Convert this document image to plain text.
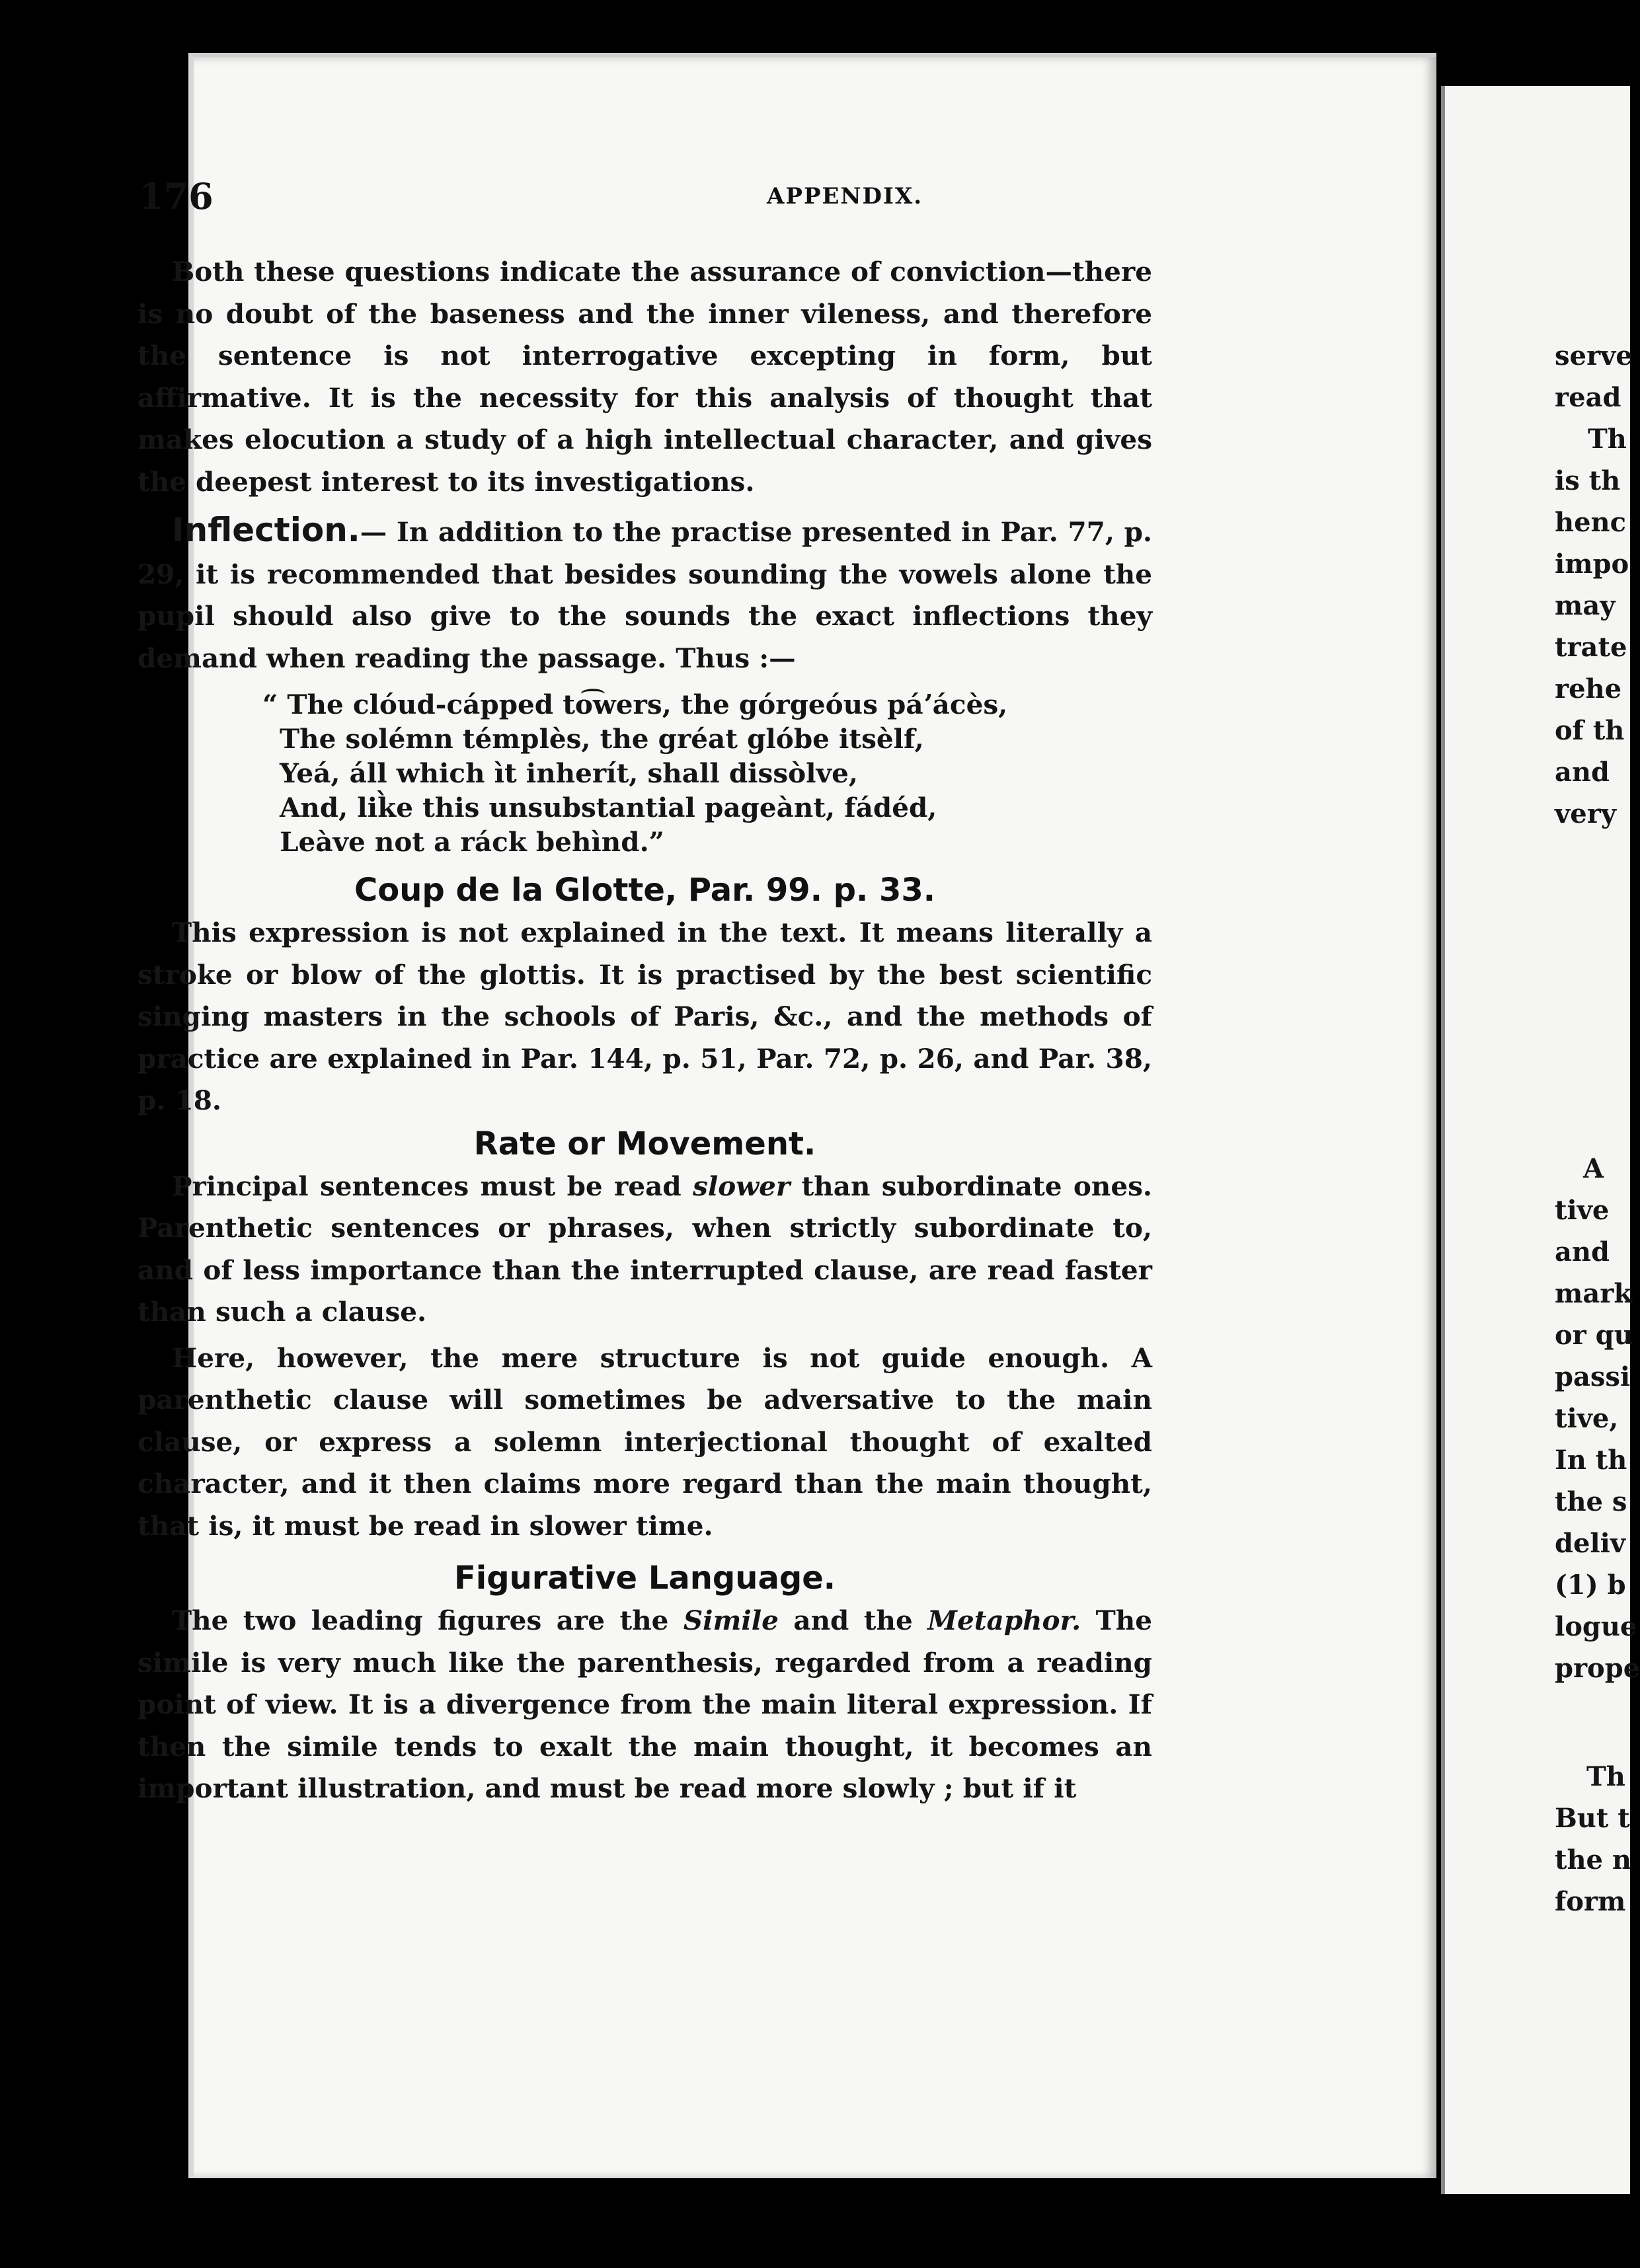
176	APPENDIX.

Both these questions indicate the assurance of conviction—there is no doubt of the baseness and the inner vileness, and therefore the sentence is not interrogative excepting in form, but affirmative. It is the necessity for this analysis of thought that makes elocution a study of a high intellectual character, and gives the deepest interest to its investigations.

Inflection.— In addition to the practise presented in Par. 77, p. 29, it is recommended that besides sounding the vowels alone the pupil should also give to the sounds the exact inflections they demand when reading the passage. Thus :—

“ The clóud-cápped to͡wers, the górgeóus páʼácès,
The solémn témplès, the gréat glóbe itsèlf,
Yeá, áll which ìt inherít, shall dissòlve,
And, lik̀e this unsubstantial pageànt, fádéd,
Leàve not a ráck behìnd.”
Coup de la Glotte, Par. 99. p. 33.

This expression is not explained in the text. It means literally a stroke or blow of the glottis. It is practised by the best scientific singing masters in the schools of Paris, &c., and the methods of practice are explained in Par. 144, p. 51, Par. 72, p. 26, and Par. 38, p. 18.

Rate or Movement.

Principal sentences must be read slower than subordinate ones. Parenthetic sentences or phrases, when strictly subordinate to, and of less importance than the interrupted clause, are read faster than such a clause.

Here, however, the mere structure is not guide enough. A parenthetic clause will sometimes be adversative to the main clause, or express a solemn interjectional thought of exalted character, and it then claims more regard than the main thought, that is, it must be read in slower time.

Figurative Language.

The two leading figures are the Simile and the Metaphor. The simile is very much like the parenthesis, regarded from a reading point of view. It is a divergence from the main literal expression. If then the simile tends to exalt the main thought, it becomes an important illustration, and must be read more slowly ; but if it

serve
read
Th
is th
henc
impo
may
trate
rehe
of th
and
very
A
tive
and
mark
or qu
passi
tive,
In th
the s
deliv
(1) b
logue
prope
Th
But t
the n
form
